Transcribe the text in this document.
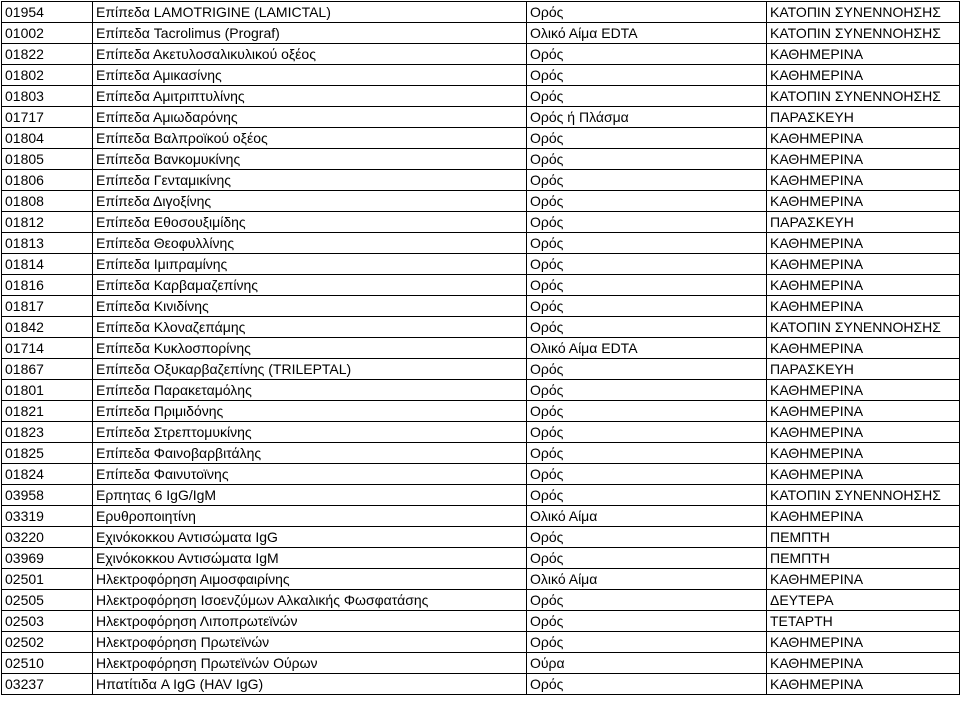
01954	Επίπεδα LAMOTRIGINE (LAMICTAL)	Ορός	ΚΑΤΟΠΙΝ ΣΥΝΕΝΝΟΗΣΗΣ
01002	Επίπεδα Tacrolimus (Prograf)	Ολικό Αίμα EDTA	ΚΑΤΟΠΙΝ ΣΥΝΕΝΝΟΗΣΗΣ
01822	Επίπεδα Ακετυλοσαλικυλικού οξέος	Ορός	ΚΑΘΗΜΕΡΙΝΑ
01802	Επίπεδα Αμικασίνης	Ορός	ΚΑΘΗΜΕΡΙΝΑ
01803	Επίπεδα Αμιτριπτυλίνης	Ορός	ΚΑΤΟΠΙΝ ΣΥΝΕΝΝΟΗΣΗΣ
01717	Επίπεδα Αμιωδαρόνης	Ορός ή Πλάσμα	ΠΑΡΑΣΚΕΥΗ
01804	Επίπεδα Βαλπροϊκού οξέος	Ορός	ΚΑΘΗΜΕΡΙΝΑ
01805	Επίπεδα Βανκομυκίνης	Ορός	ΚΑΘΗΜΕΡΙΝΑ
01806	Επίπεδα Γενταμικίνης	Ορός	ΚΑΘΗΜΕΡΙΝΑ
01808	Επίπεδα Διγοξίνης	Ορός	ΚΑΘΗΜΕΡΙΝΑ
01812	Επίπεδα Εθοσουξιμίδης	Ορός	ΠΑΡΑΣΚΕΥΗ
01813	Επίπεδα Θεοφυλλίνης	Ορός	ΚΑΘΗΜΕΡΙΝΑ
01814	Επίπεδα Ιμιπραμίνης	Ορός	ΚΑΘΗΜΕΡΙΝΑ
01816	Επίπεδα Καρβαμαζεπίνης	Ορός	ΚΑΘΗΜΕΡΙΝΑ
01817	Επίπεδα Κινιδίνης	Ορός	ΚΑΘΗΜΕΡΙΝΑ
01842	Επίπεδα Κλοναζεπάμης	Ορός	ΚΑΤΟΠΙΝ ΣΥΝΕΝΝΟΗΣΗΣ
01714	Επίπεδα Κυκλοσπορίνης	Ολικό Αίμα EDTA	ΚΑΘΗΜΕΡΙΝΑ
01867	Επίπεδα Οξυκαρβαζεπίνης (TRILEPTAL)	Ορός	ΠΑΡΑΣΚΕΥΗ
01801	Επίπεδα Παρακεταμόλης	Ορός	ΚΑΘΗΜΕΡΙΝΑ
01821	Επίπεδα Πριμιδόνης	Ορός	ΚΑΘΗΜΕΡΙΝΑ
01823	Επίπεδα Στρεπτομυκίνης	Ορός	ΚΑΘΗΜΕΡΙΝΑ
01825	Επίπεδα Φαινοβαρβιτάλης	Ορός	ΚΑΘΗΜΕΡΙΝΑ
01824	Επίπεδα Φαινυτοϊνης	Ορός	ΚΑΘΗΜΕΡΙΝΑ
03958	Ερπητας 6 IgG/IgM	Ορός	ΚΑΤΟΠΙΝ ΣΥΝΕΝΝΟΗΣΗΣ
03319	Ερυθροποιητίνη	Ολικό Αίμα	ΚΑΘΗΜΕΡΙΝΑ
03220	Εχινόκοκκου Αντισώματα IgG	Ορός	ΠΕΜΠΤΗ
03969	Εχινόκοκκου Αντισώματα IgM	Ορός	ΠΕΜΠΤΗ
02501	Ηλεκτροφόρηση Αιμοσφαιρίνης	Ολικό Αίμα	ΚΑΘΗΜΕΡΙΝΑ
02505	Ηλεκτροφόρηση Ισοενζύμων Αλκαλικής Φωσφατάσης	Ορός	ΔΕΥΤΕΡΑ
02503	Ηλεκτροφόρηση Λιποπρωτεϊνών	Ορός	ΤΕΤΑΡΤΗ
02502	Ηλεκτροφόρηση Πρωτεϊνών	Ορός	ΚΑΘΗΜΕΡΙΝΑ
02510	Ηλεκτροφόρηση Πρωτεϊνών Ούρων	Ούρα	ΚΑΘΗΜΕΡΙΝΑ
03237	Ηπατίτιδα A IgG (HAV IgG)	Ορός	ΚΑΘΗΜΕΡΙΝΑ
